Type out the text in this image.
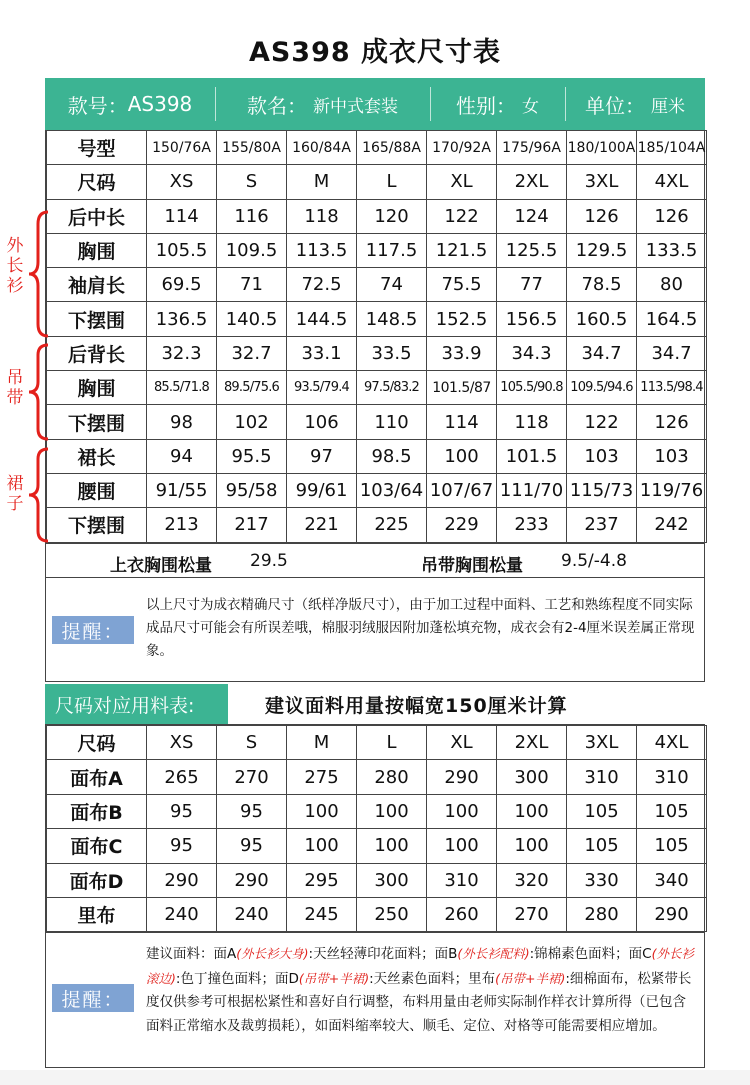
AS398 成衣尺寸表
款号： AS398	款名： 新中式套装	性别： 女 单位： 厘米
号型	150/76A	155/80A	160/84A	165/88A	170/92A	175/96A	180/100A	185/104A
尺码	XS	S	M	L	XL	2XL	3XL	4XL
后中长	114	116	118	120	122	124	126	126
胸围	105.5	109.5	113.5	117.5	121.5	125.5	129.5	133.5
袖肩长	69.5	71	72.5	74	75.5	77	78.5	80
下摆围	136.5	140.5	144.5	148.5	152.5	156.5	160.5	164.5
后背长	32.3	32.7	33.1	33.5	33.9	34.3	34.7	34.7
胸围	85.5/71.8	89.5/75.6	93.5/79.4	97.5/83.2	101.5/87	105.5/90.8	109.5/94.6	113.5/98.4
下摆围	98	102	106	110	114	118	122	126
裙长	94	95.5	97	98.5	100	101.5	103	103
腰围	91/55	95/58	99/61	103/64	107/67	111/70	115/73	119/76
下摆围	213	217	221	225	229	233	237	242
上衣胸围松量 29.5	吊带胸围松量 9.5/-4.8
提醒：
以上尺寸为成衣精确尺寸（纸样净版尺寸），由于加工过程中面料、工艺和熟练程度不同实际成品尺寸可能会有所误差哦，棉服羽绒服因附加蓬松填充物，成衣会有2-4厘米误差属正常现象。
尺码对应用料表:	建议面料用量按幅宽150厘米计算
尺码	XS	S	M	L	XL	2XL	3XL	4XL
面布A	265	270	275	280	290	300	310	310
面布B	95	95	100	100	100	100	105	105
面布C	95	95	100	100	100	100	105	105
面布D	290	290	295	300	310	320	330	340
里布	240	240	245	250	260	270	280	290
提醒：
建议面料：面A(外长衫大身):天丝轻薄印花面料；面B(外长衫配料):锦棉素色面料；面C(外长衫滚边):色丁撞色面料；面D(吊带+半裙):天丝素色面料；里布(吊带+半裙):细棉面布，松紧带长度仅供参考可根据松紧性和喜好自行调整，布料用量由老师实际制作样衣计算所得（已包含面料正常缩水及裁剪损耗），如面料缩率较大、顺毛、定位、对格等可能需要相应增加。
外长衫
吊带
裙子
